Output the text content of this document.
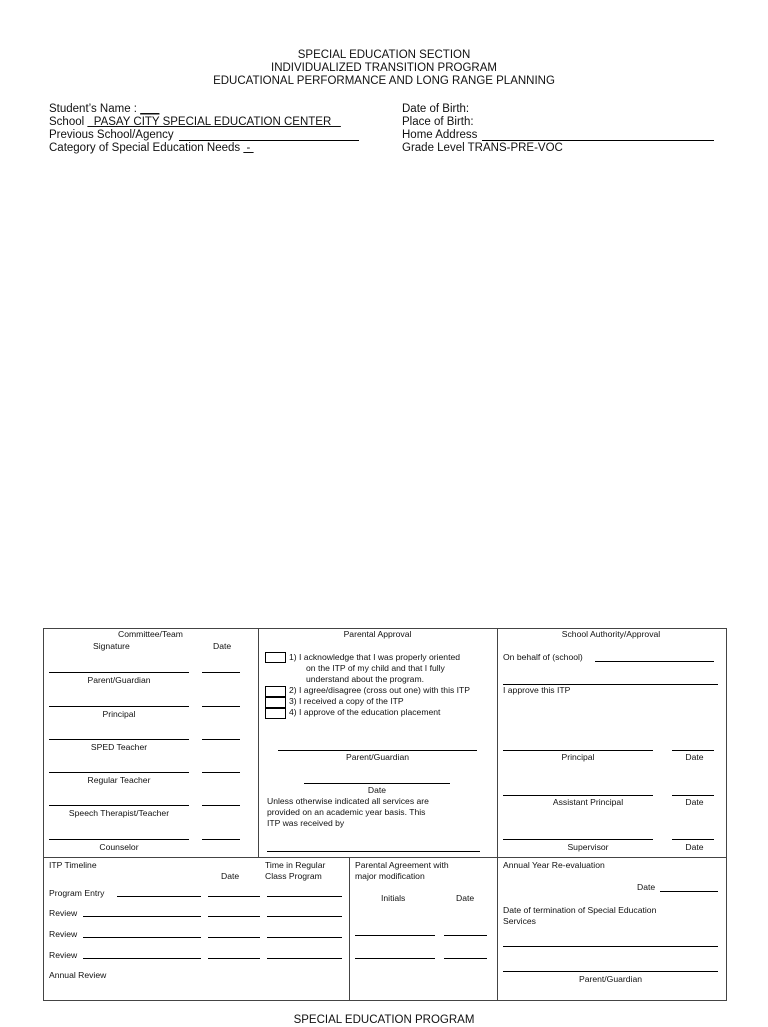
SPECIAL EDUCATION SECTION
INDIVIDUALIZED TRANSITION PROGRAM
EDUCATIONAL PERFORMANCE AND LONG RANGE PLANNING
Student’s Name : ___
School   PASAY CITY SPECIAL EDUCATION CENTER
Previous School/Agency
Category of Special Education Needs  -
Date of Birth:
Place of Birth:
Home Address
Grade Level TRANS-PRE-VOC
Committee/Team
Signature	Date
Parent/Guardian
Principal
SPED Teacher
Regular Teacher
Speech Therapist/Teacher
Counselor
Parental Approval
1) I acknowledge that I was properly oriented
on the ITP of my child and that I fully
understand about the program.
2) I agree/disagree (cross out one) with this ITP
3) I received a copy of the ITP
4) I approve of the education placement
Parent/Guardian
Date
Unless otherwise indicated all services are
provided on an academic year basis. This
ITP was received by
School Authority/Approval
On behalf of (school)
I approve this ITP
Principal	Date
Assistant Principal	Date
Supervisor	Date
ITP Timeline
Date
Time in Regular
Class Program
Program Entry
Review
Review
Review
Annual Review
Parental Agreement with
major modification
Initials	Date
Annual Year Re-evaluation
Date
Date of termination of Special Education
Services
Parent/Guardian
SPECIAL EDUCATION PROGRAM
